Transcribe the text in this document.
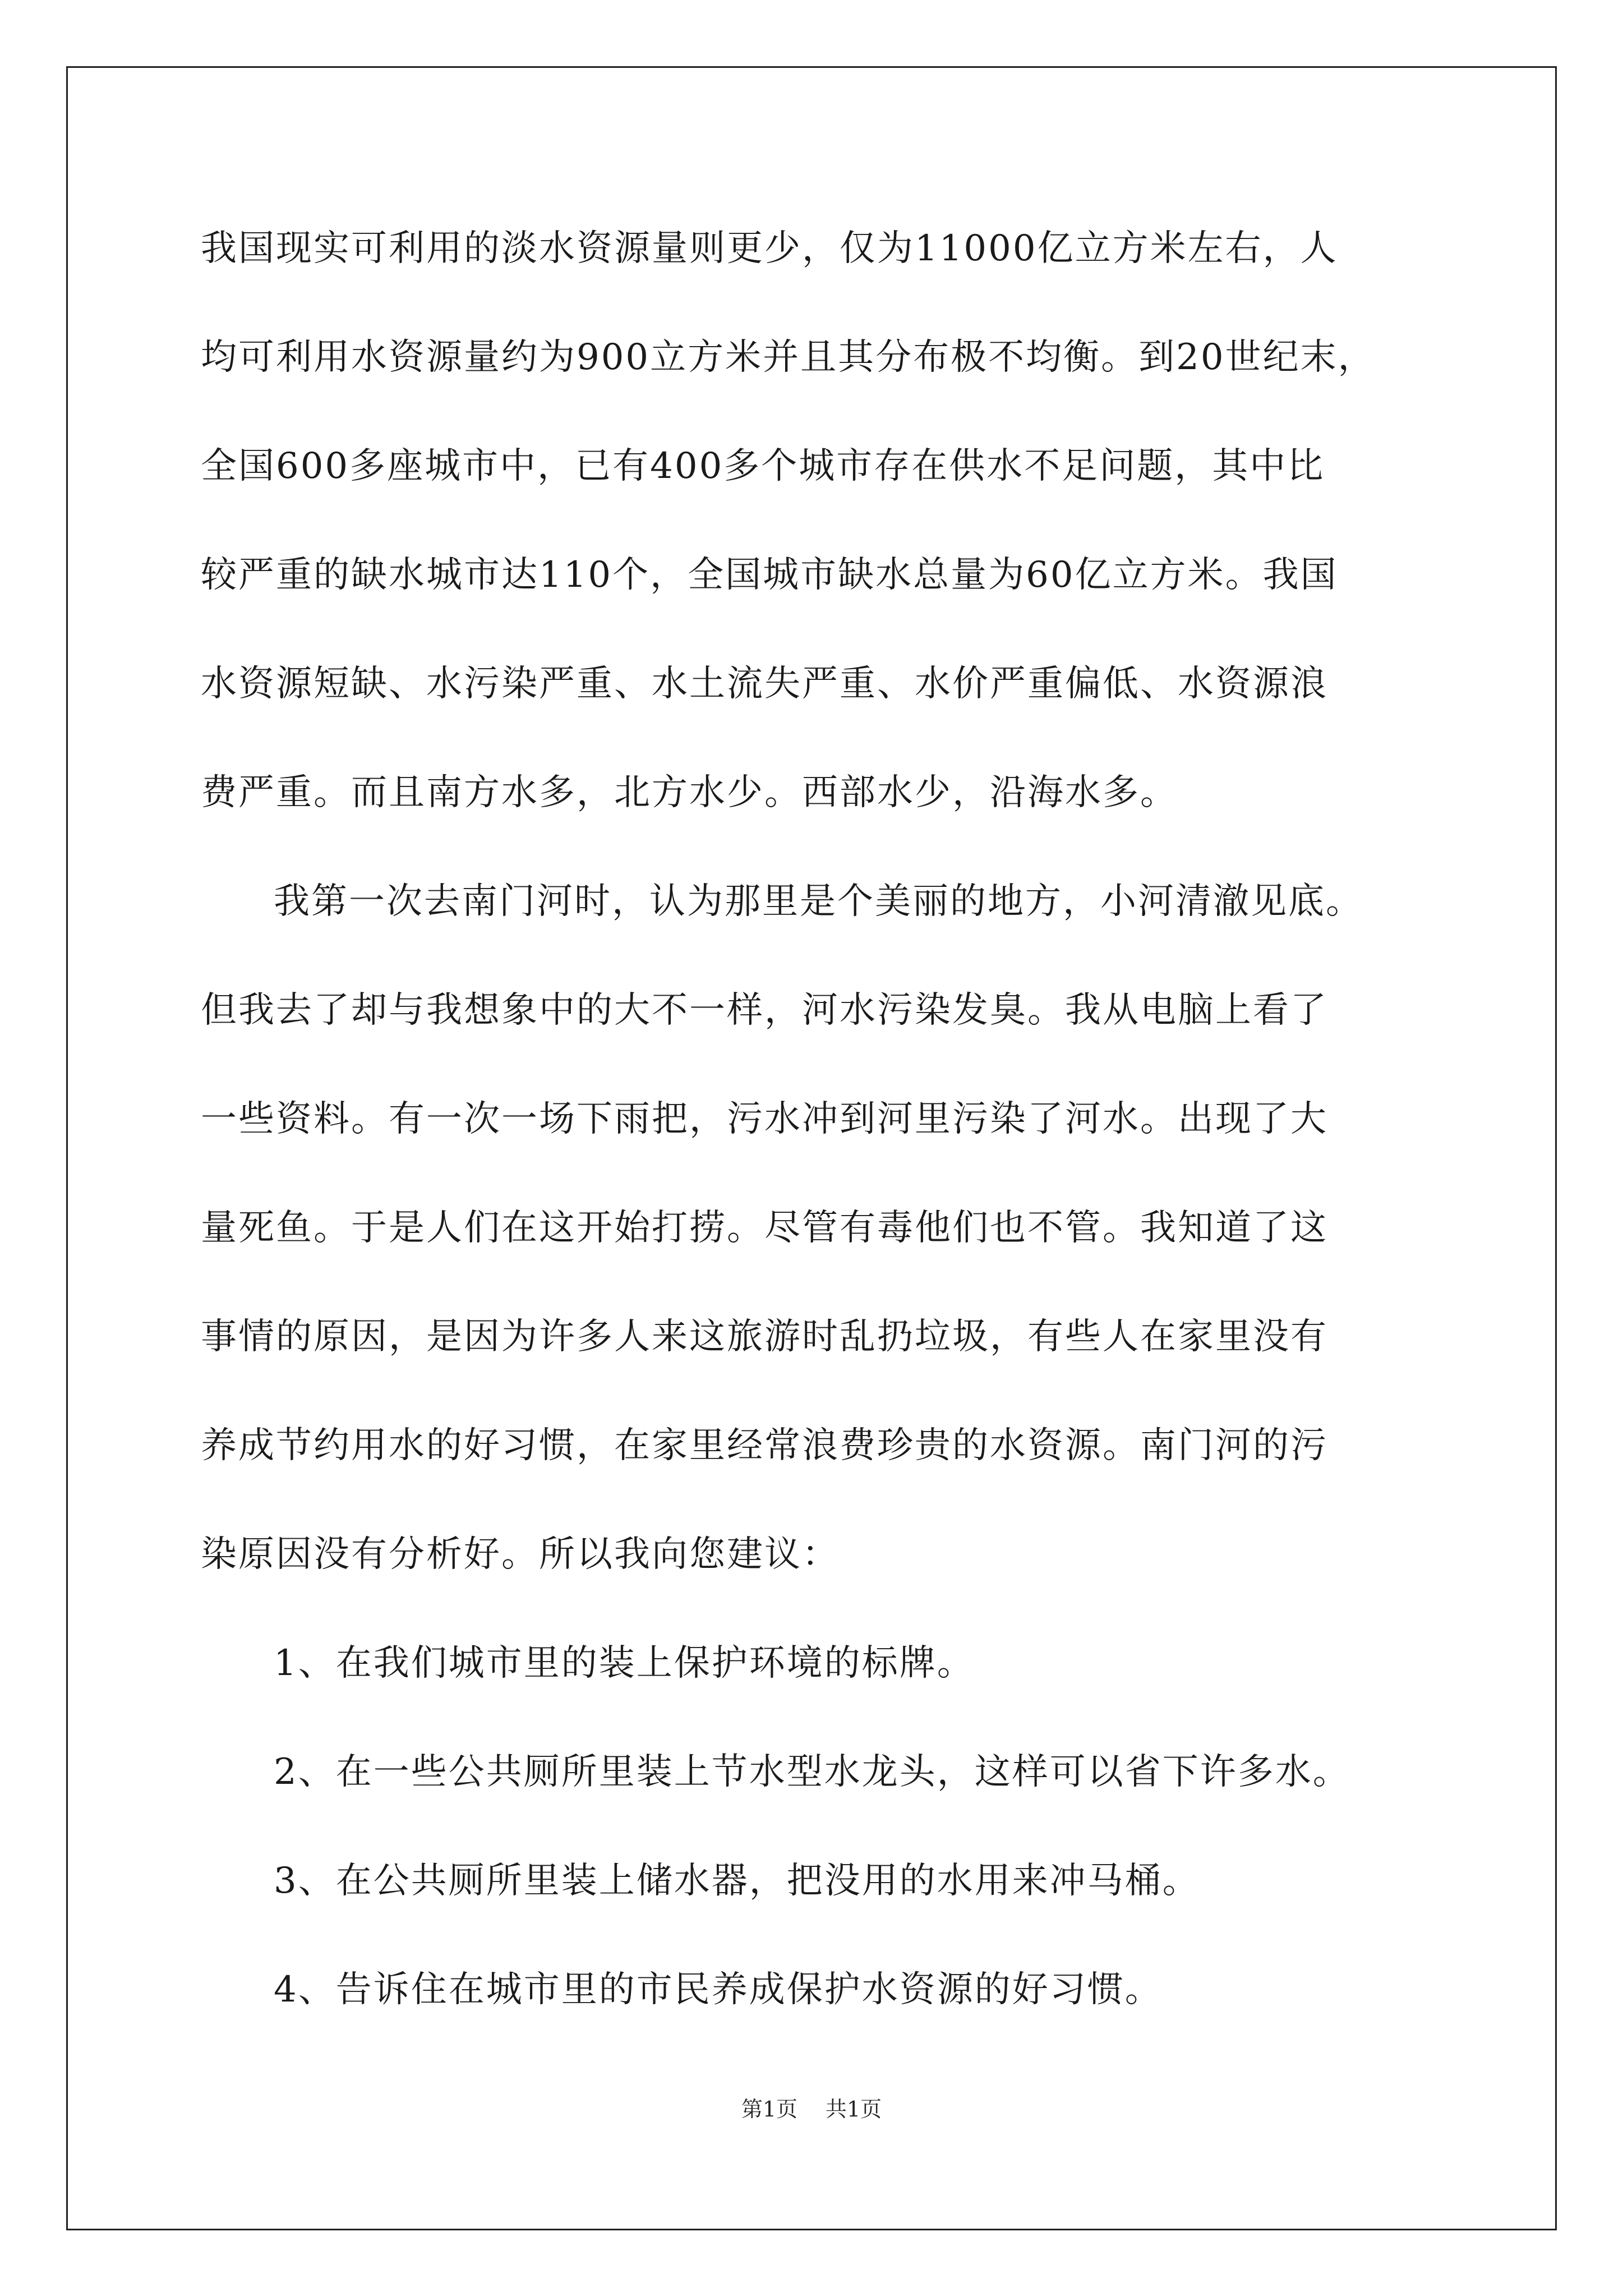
我国现实可利用的淡水资源量则更少，仅为11000亿立方米左右，人
均可利用水资源量约为900立方米并且其分布极不均衡。到20世纪末，
全国600多座城市中，已有400多个城市存在供水不足问题，其中比
较严重的缺水城市达110个，全国城市缺水总量为60亿立方米。我国
水资源短缺、水污染严重、水土流失严重、水价严重偏低、水资源浪
费严重。而且南方水多，北方水少。西部水少，沿海水多。
我第一次去南门河时，认为那里是个美丽的地方，小河清澈见底。
但我去了却与我想象中的大不一样，河水污染发臭。我从电脑上看了
一些资料。有一次一场下雨把，污水冲到河里污染了河水。出现了大
量死鱼。于是人们在这开始打捞。尽管有毒他们也不管。我知道了这
事情的原因，是因为许多人来这旅游时乱扔垃圾，有些人在家里没有
养成节约用水的好习惯，在家里经常浪费珍贵的水资源。南门河的污
染原因没有分析好。所以我向您建议：
1、在我们城市里的装上保护环境的标牌。
2、在一些公共厕所里装上节水型水龙头，这样可以省下许多水。
3、在公共厕所里装上储水器，把没用的水用来冲马桶。
4、告诉住在城市里的市民养成保护水资源的好习惯。
第1页 共1页
